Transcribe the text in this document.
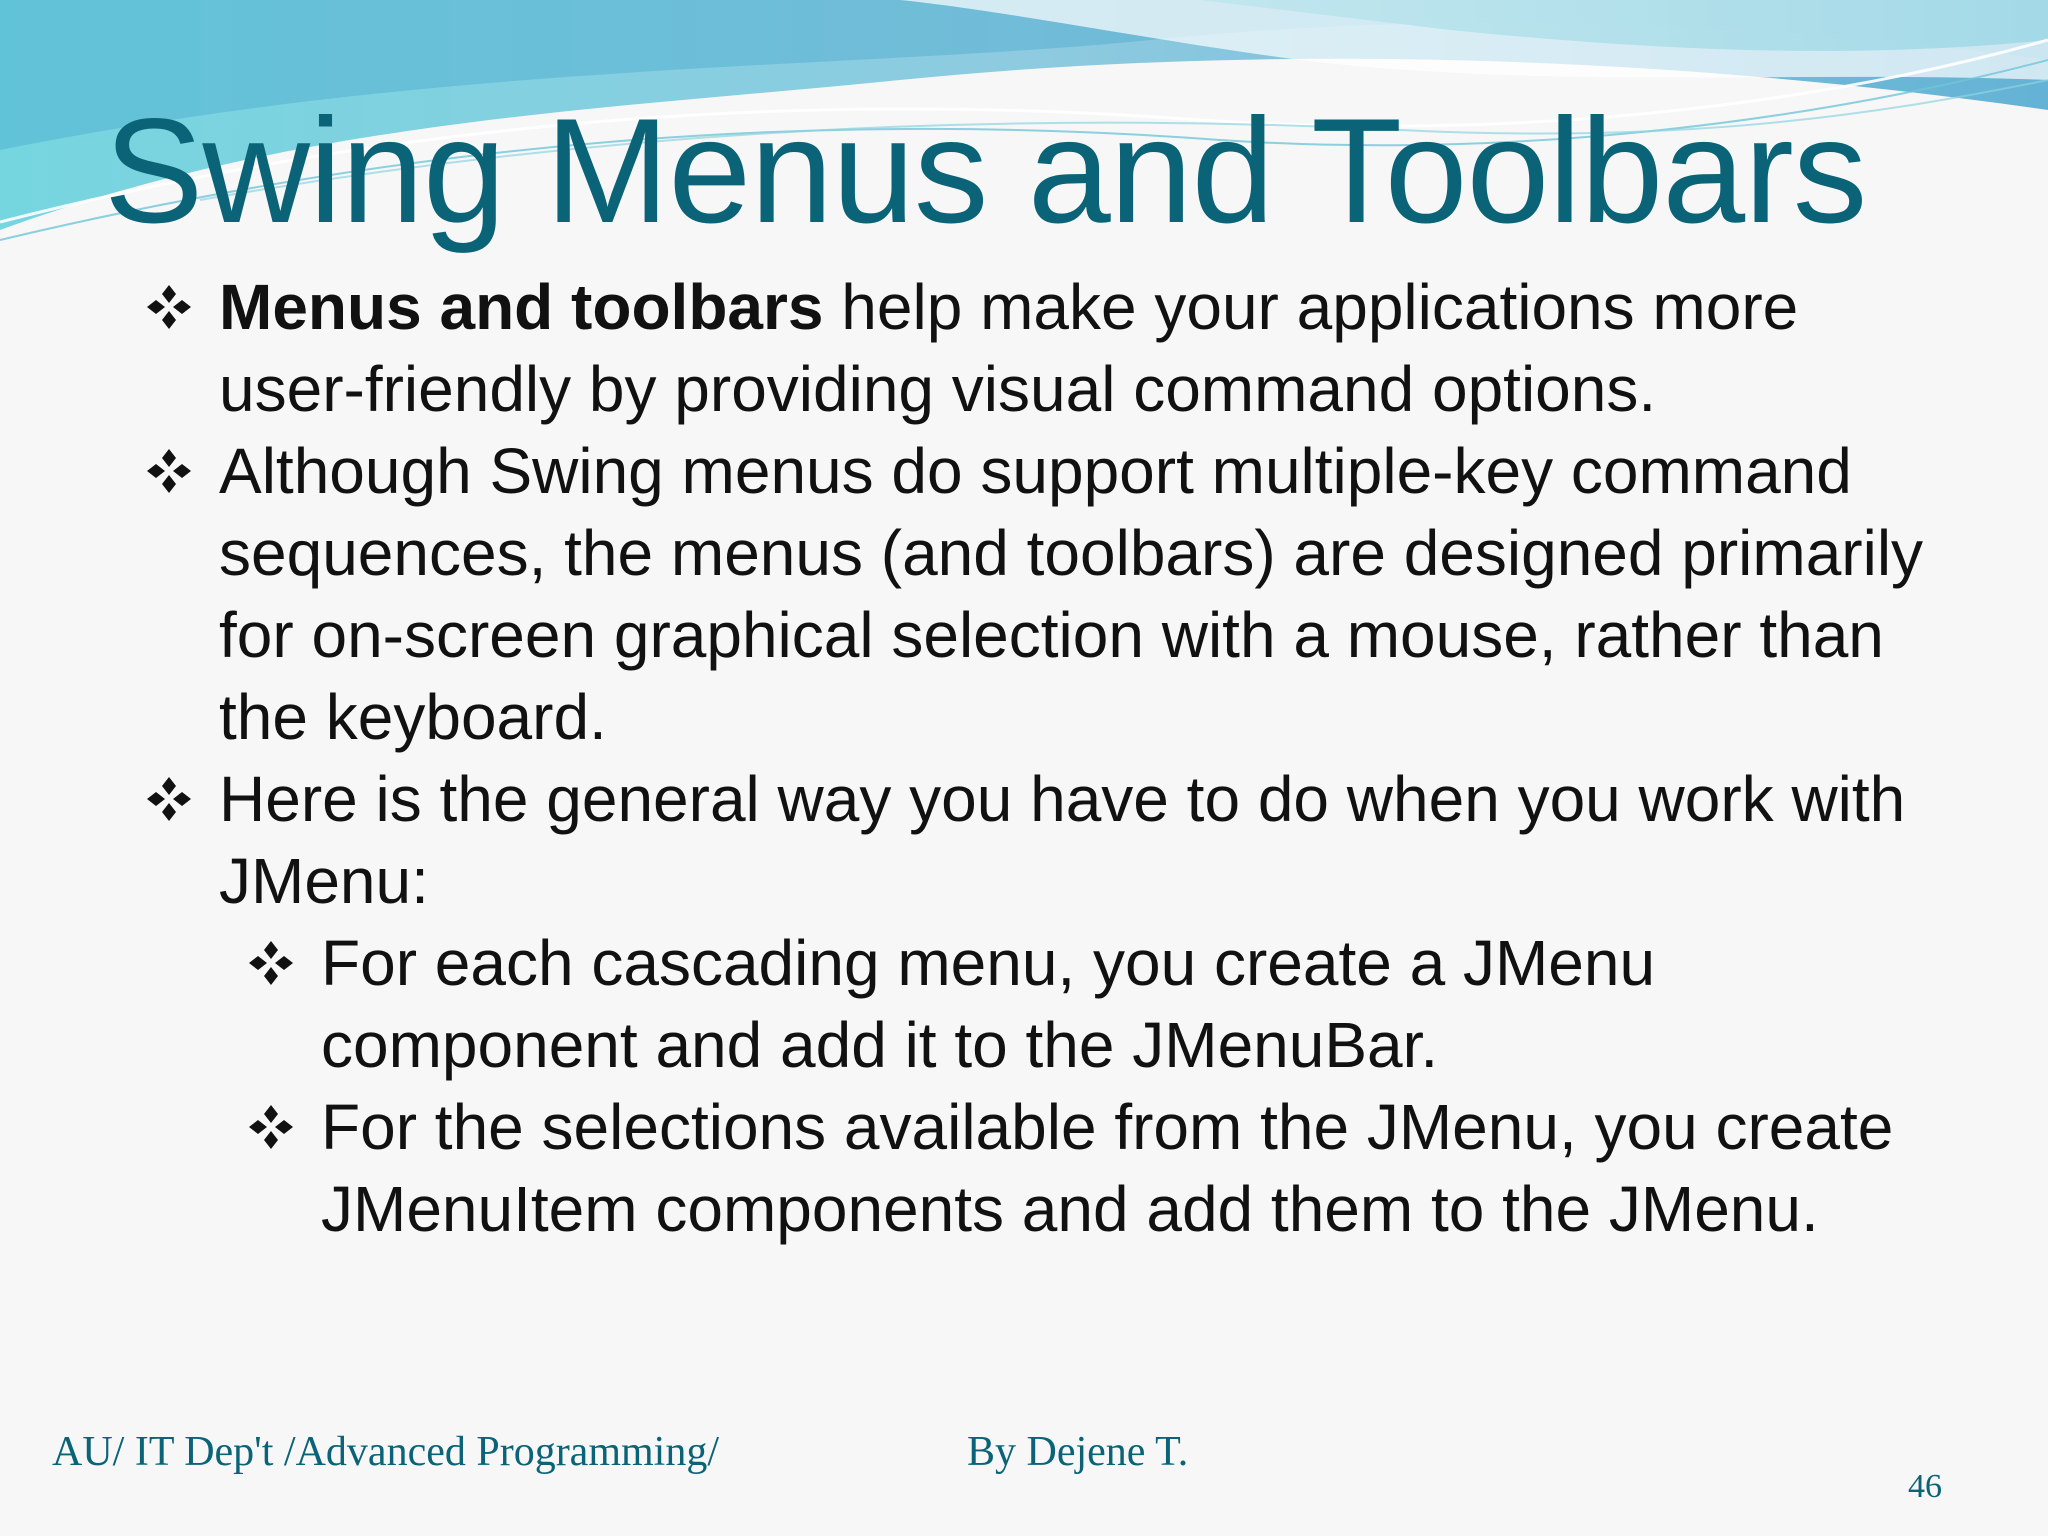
Swing Menus and Toolbars
Menus and toolbars help make your applications more user-friendly by providing visual command options.
Although Swing menus do support multiple-key command sequences, the menus (and toolbars) are designed primarily for on-screen graphical selection with a mouse, rather than the keyboard.
Here is the general way you have to do when you work with JMenu:
For each cascading menu, you create a JMenu component and add it to the JMenuBar.
For the selections available from the JMenu, you create JMenuItem components and add them to the JMenu.
AU/ IT Dep't /Advanced Programming/	By Dejene T.
46
